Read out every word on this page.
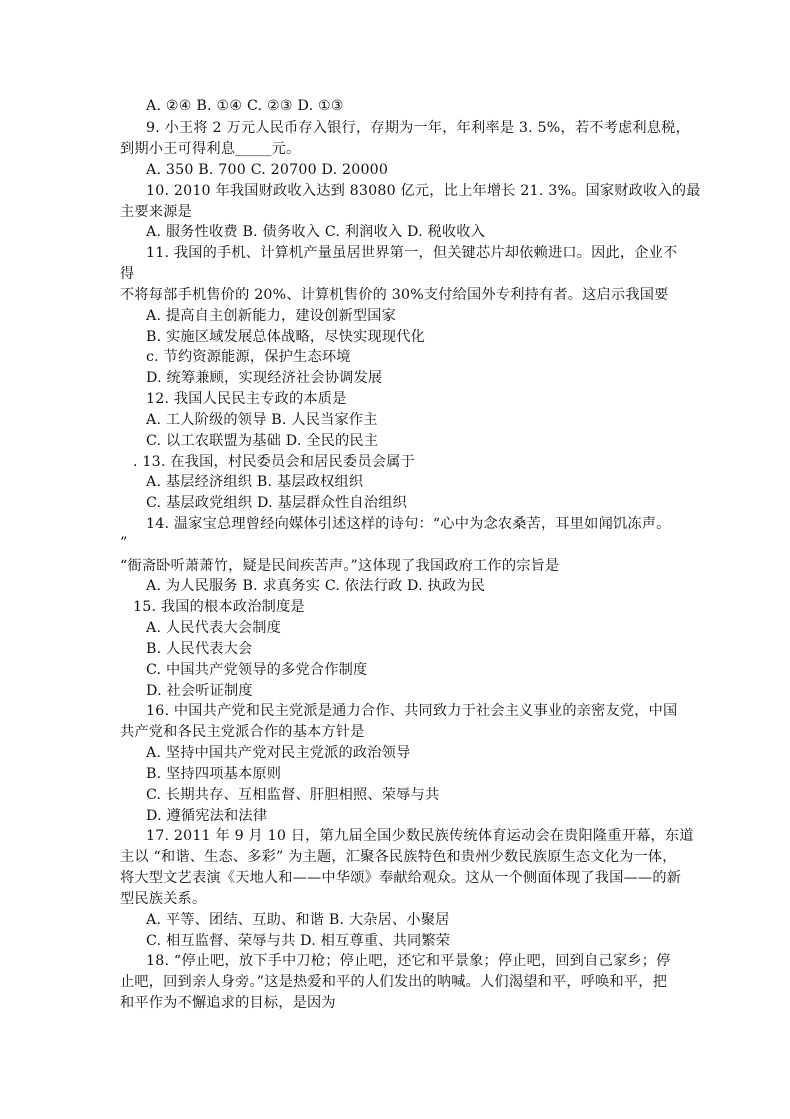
A. ②④ B. ①④ C. ②③ D. ①③
9. 小王将 2 万元人民币存入银行，存期为一年，年利率是 3. 5%，若不考虑利息税，
到期小王可得利息_____元。
A. 350 B. 700 C. 20700 D. 20000
10. 2010 年我国财政收入达到 83080 亿元，比上年增长 21. 3%。国家财政收入的最
主要来源是
A. 服务性收费 B. 债务收入 C. 利润收入 D. 税收收入
11. 我国的手机、计算机产量虽居世界第一，但关键芯片却依赖进口。因此，企业不
得
不将每部手机售价的 20%、计算机售价的 30%支付给国外专利持有者。这启示我国要
A. 提高自主创新能力，建设创新型国家
B. 实施区域发展总体战略，尽快实现现代化
c. 节约资源能源，保护生态环境
D. 统筹兼顾，实现经济社会协调发展
12. 我国人民民主专政的本质是
A. 工人阶级的领导 B. 人民当家作主
C. 以工农联盟为基础 D. 全民的民主
. 13. 在我国，村民委员会和居民委员会属于
A. 基层经济组织 B. 基层政权组织
C. 基层政党组织 D. 基层群众性自治组织
14. 温家宝总理曾经向媒体引述这样的诗句：“心中为念农桑苦，耳里如闻饥冻声。
”
“衙斋卧听萧萧竹，疑是民间疾苦声。”这体现了我国政府工作的宗旨是
A. 为人民服务 B. 求真务实 C. 依法行政 D. 执政为民
15. 我国的根本政治制度是
A. 人民代表大会制度
B. 人民代表大会
C. 中国共产党领导的多党合作制度
D. 社会听证制度
16. 中国共产党和民主党派是通力合作、共同致力于社会主义事业的亲密友党，中国
共产党和各民主党派合作的基本方针是
A. 坚持中国共产党对民主党派的政治领导
B. 坚持四项基本原则
C. 长期共存、互相监督、肝胆相照、荣辱与共
D. 遵循宪法和法律
17. 2011 年 9 月 10 日，第九届全国少数民族传统体育运动会在贵阳隆重开幕，东道
主以 “和谐、生态、多彩” 为主题，汇聚各民族特色和贵州少数民族原生态文化为一体，
将大型文艺表演《天地人和——中华颂》奉献给观众。这从一个侧面体现了我国——的新
型民族关系。
A. 平等、团结、互助、和谐 B. 大杂居、小聚居
C. 相互监督、荣辱与共 D. 相互尊重、共同繁荣
18. “停止吧，放下手中刀枪；停止吧，还它和平景象；停止吧，回到自己家乡；停
止吧，回到亲人身旁。”这是热爱和平的人们发出的呐喊。人们渴望和平，呼唤和平，把
和平作为不懈追求的目标，是因为
